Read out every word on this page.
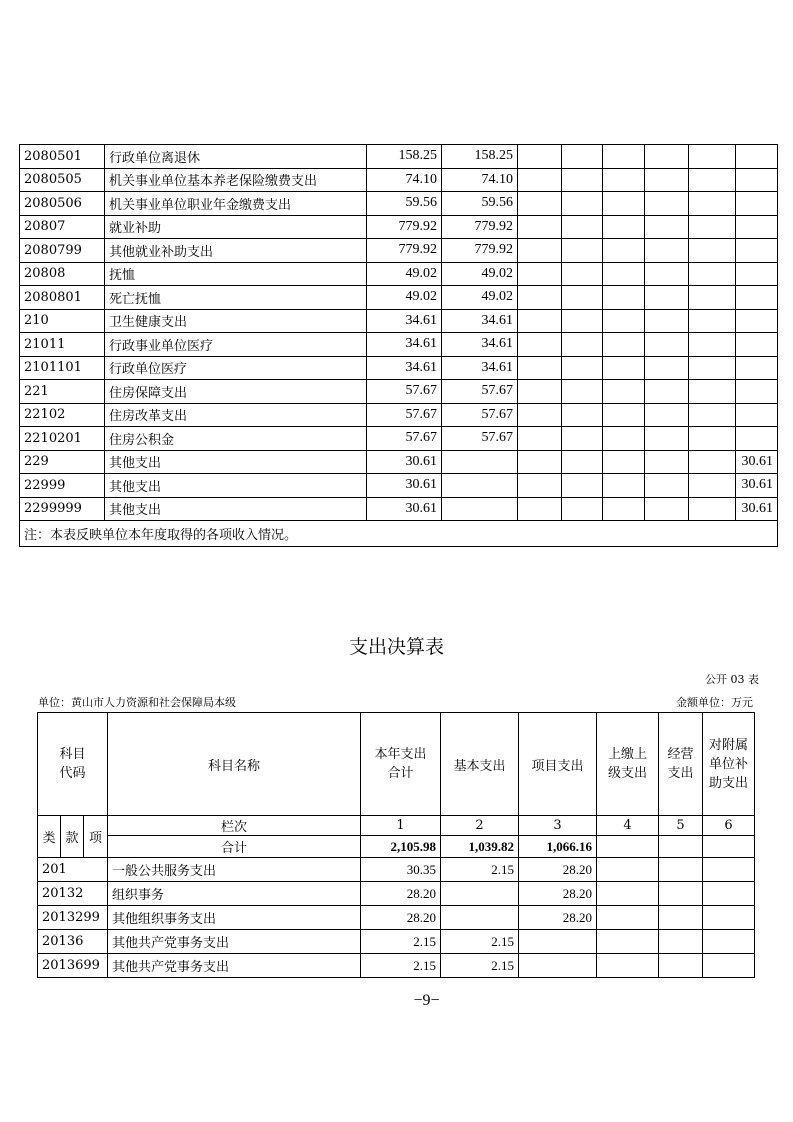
2080501	行政单位离退休	158.25	158.25						
2080505	机关事业单位基本养老保险缴费支出	74.10	74.10						
2080506	机关事业单位职业年金缴费支出	59.56	59.56						
20807	就业补助	779.92	779.92						
2080799	其他就业补助支出	779.92	779.92						
20808	抚恤	49.02	49.02						
2080801	死亡抚恤	49.02	49.02						
210	卫生健康支出	34.61	34.61						
21011	行政事业单位医疗	34.61	34.61						
2101101	行政单位医疗	34.61	34.61						
221	住房保障支出	57.67	57.67						
22102	住房改革支出	57.67	57.67						
2210201	住房公积金	57.67	57.67						
229	其他支出	30.61							30.61
22999	其他支出	30.61							30.61
2299999	其他支出	30.61							30.61
注：本表反映单位本年度取得的各项收入情况。									
支出决算表
公开 03 表
单位：黄山市人力资源和社会保障局本级	金额单位：万元
科目代码			科目名称	本年支出合计	基本支出	项目支出	上缴上级支出	经营支出	对附属单位补助支出
类	款	项	栏次	1	2	3	4	5	6
			合计	2,105.98	1,039.82	1,066.16			
201			一般公共服务支出	30.35	2.15	28.20			
20132			组织事务	28.20		28.20			
2013299			其他组织事务支出	28.20		28.20			
20136			其他共产党事务支出	2.15	2.15				
2013699			其他共产党事务支出	2.15	2.15				
−9−
